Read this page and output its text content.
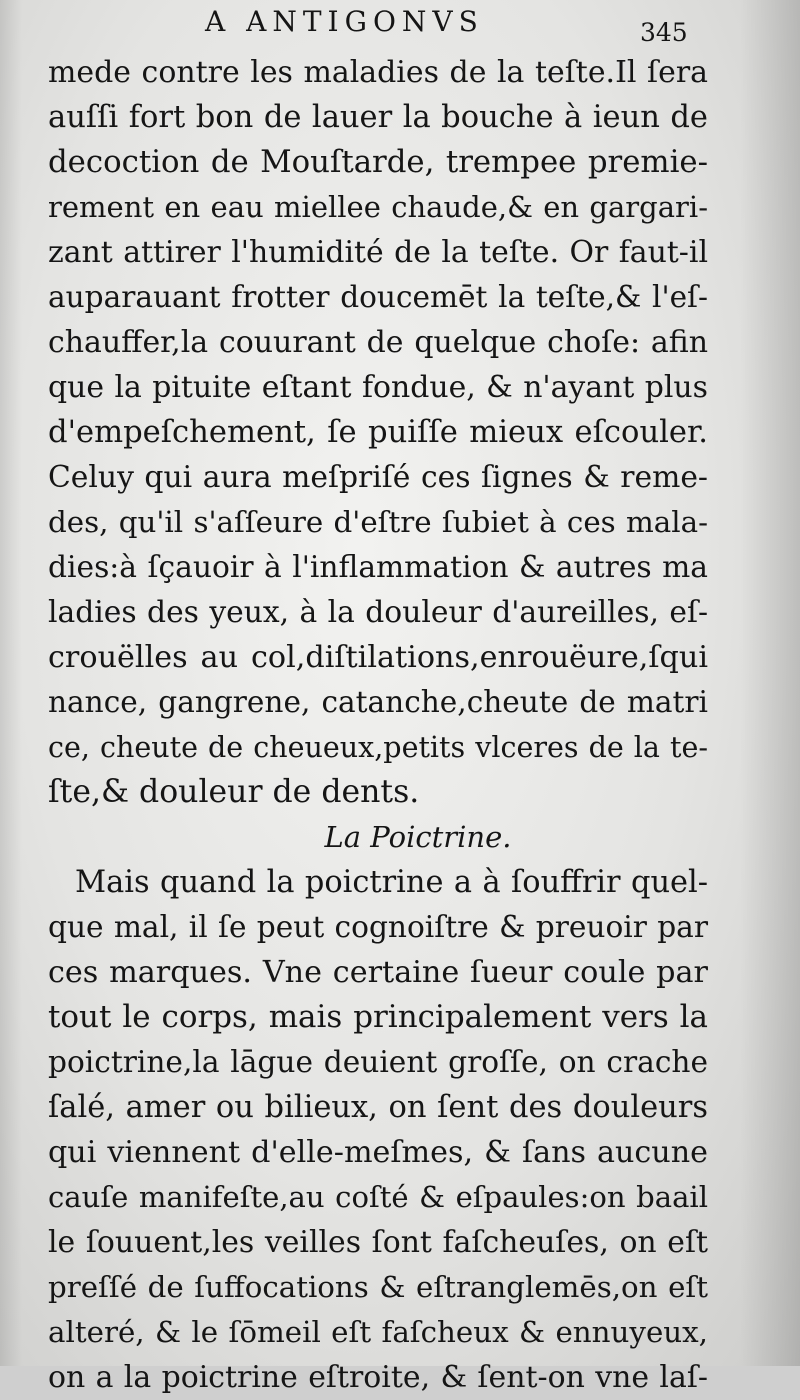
A ANTIGONVS	345
mede contre les maladies de la teſte.Il ſera
auſſi fort bon de lauer la bouche à ieun de
decoction de Mouſtarde, trempee premie-
rement en eau miellee chaude,& en gargari-
zant attirer l'humidité de la teſte. Or faut-il
auparauant frotter doucemēt la teſte,& l'eſ-
chauffer,la couurant de quelque choſe: afin
que la pituite eſtant fondue, & n'ayant plus
d'empeſchement, ſe puiſſe mieux eſcouler.
Celuy qui aura meſpriſé ces ſignes & reme-
des, qu'il s'aſſeure d'eſtre ſubiet à ces mala-
dies:à ſçauoir à l'inflammation & autres ma
ladies des yeux, à la douleur d'aureilles, eſ-
crouëlles au col,diſtilations,enrouëure,ſqui
nance, gangrene, catanche,cheute de matri
ce, cheute de cheueux,petits vlceres de la te-
ſte,& douleur de dents.
La Poictrine.
Mais quand la poictrine a à ſouffrir quel-
que mal, il ſe peut cognoiſtre & preuoir par
ces marques. Vne certaine ſueur coule par
tout le corps, mais principalement vers la
poictrine,la lāgue deuient groſſe, on crache
ſalé, amer ou bilieux, on ſent des douleurs
qui viennent d'elle-meſmes, & ſans aucune
cauſe manifeſte,au coſté & eſpaules:on baail
le ſouuent,les veilles ſont faſcheuſes, on eſt
preſſé de ſuffocations & eſtranglemēs,on eſt
alteré, & le ſōmeil eſt faſcheux & ennuyeux,
on a la poictrine eſtroite, & ſent-on vne laſ-
